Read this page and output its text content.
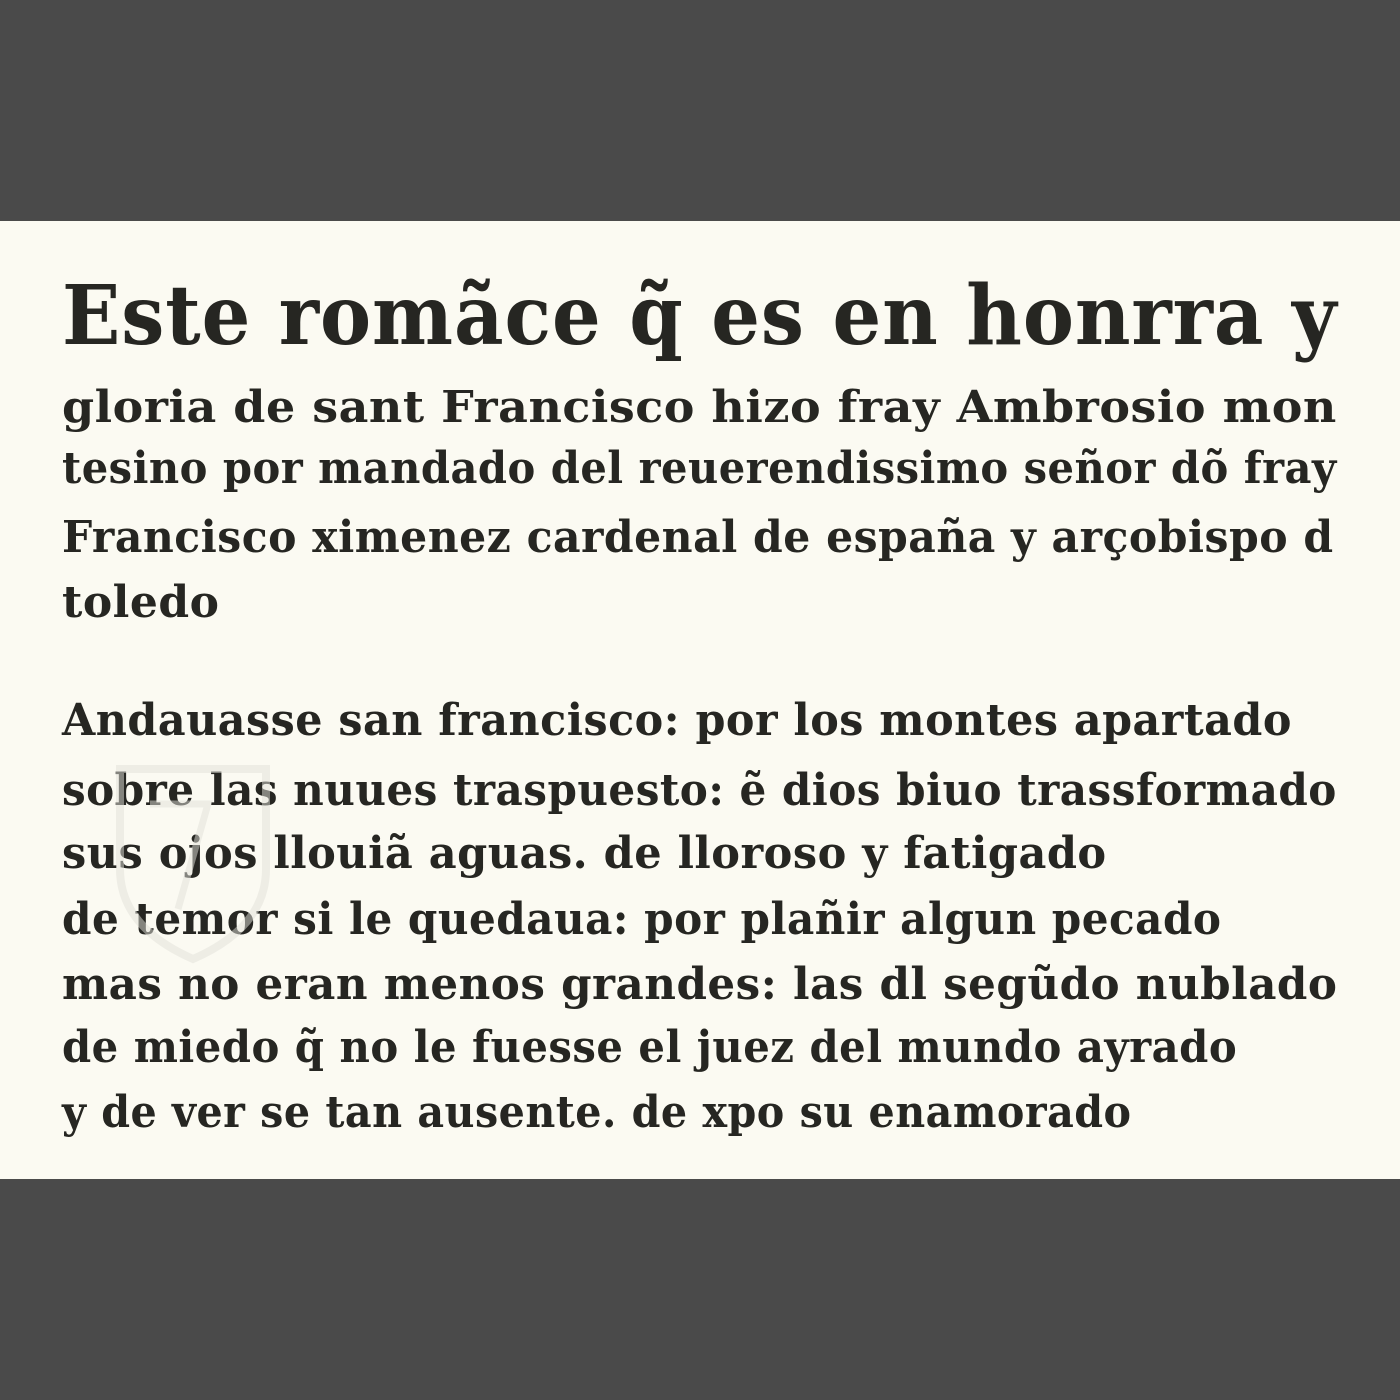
Este romãce q̃ es en honrra y

gloria de sant Francisco hizo fray Ambrosio mon

tesino por mandado del reuerendissimo señor dõ fray

Francisco ximenez cardenal de españa y arçobispo d

toledo

Andauasse san francisco: por los montes apartado

sobre las nuues traspuesto: ẽ dios biuo trassformado

sus ojos llouiã aguas. de lloroso y fatigado

de temor si le quedaua: por plañir algun pecado

mas no eran menos grandes: las dl segũdo nublado

de miedo q̃ no le fuesse el juez del mundo ayrado

y de ver se tan ausente. de xpo su enamorado
